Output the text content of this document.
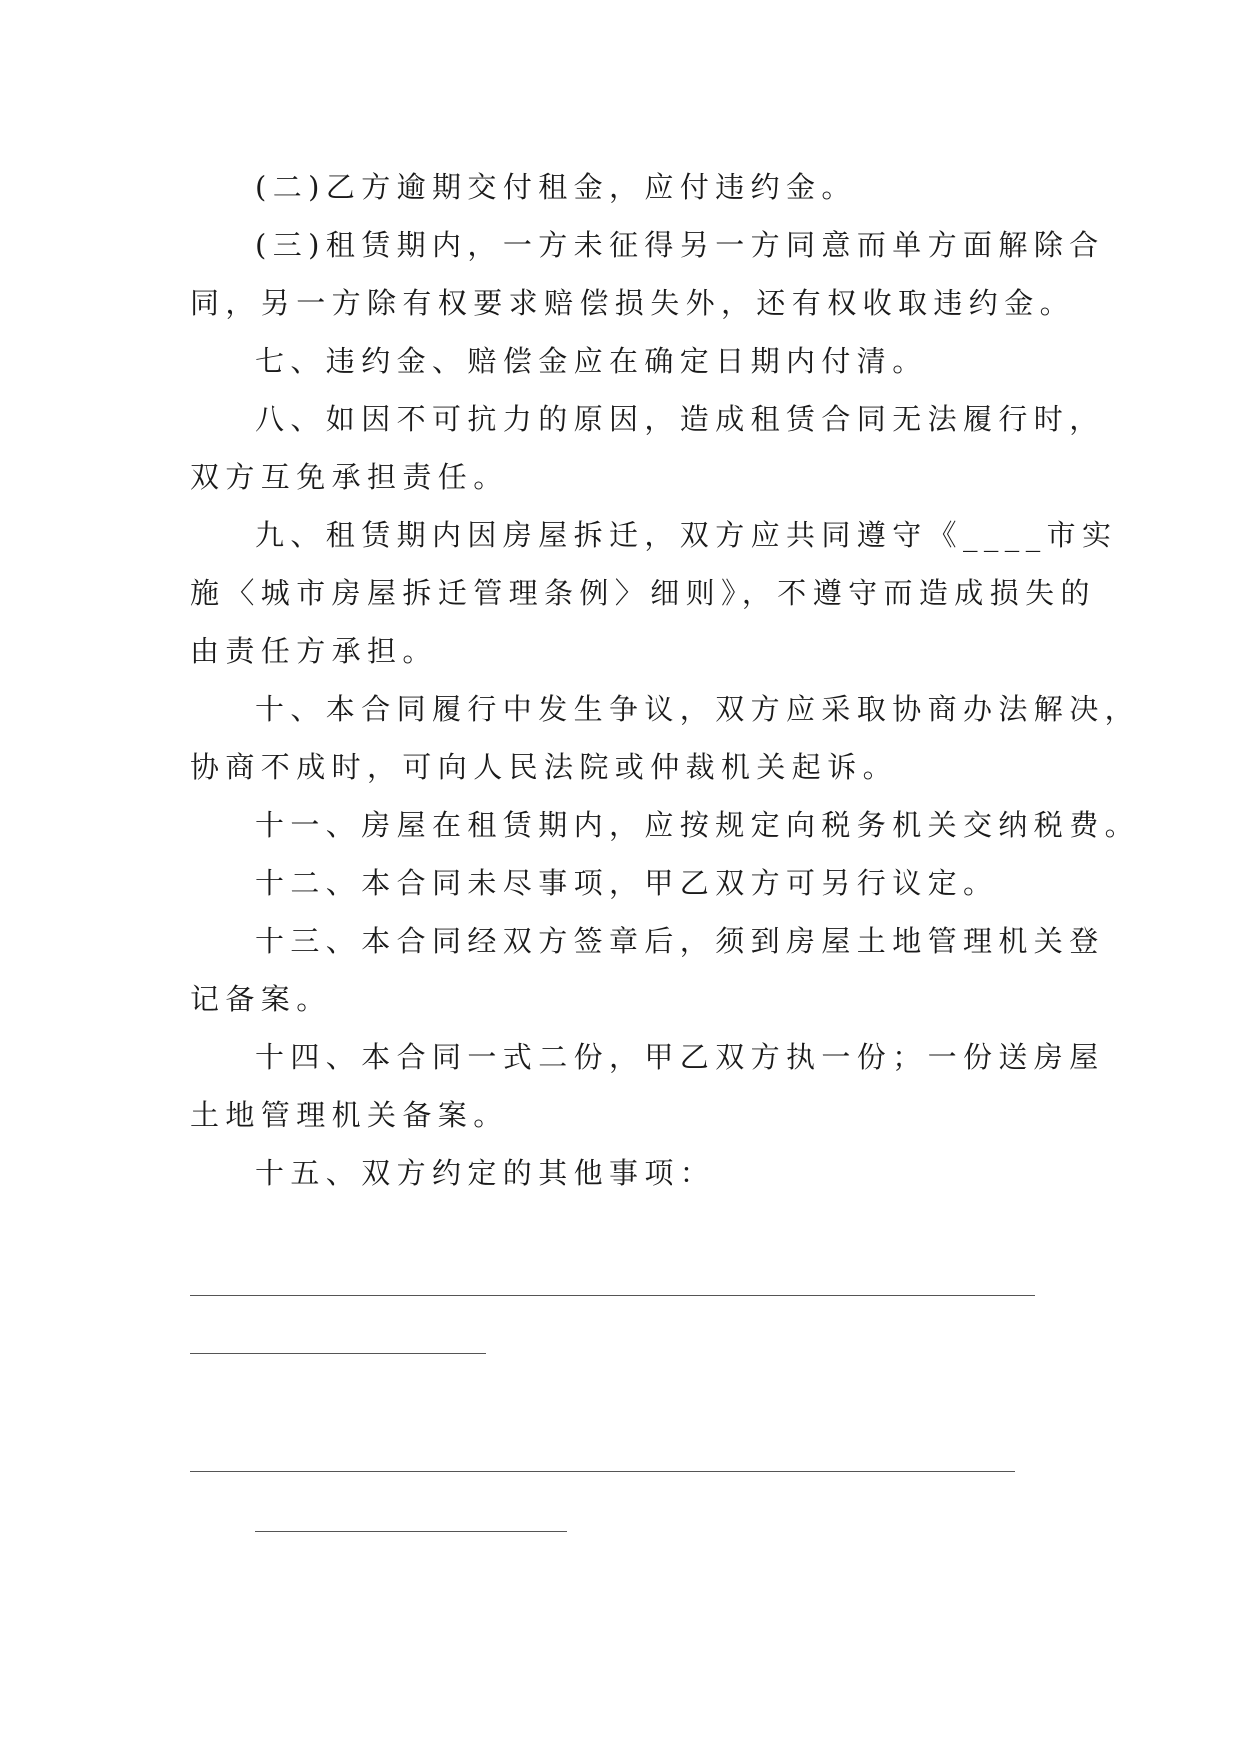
(二)乙方逾期交付租金，应付违约金。
(三)租赁期内，一方未征得另一方同意而单方面解除合
同，另一方除有权要求赔偿损失外，还有权收取违约金。
七、违约金、赔偿金应在确定日期内付清。
八、如因不可抗力的原因，造成租赁合同无法履行时，
双方互免承担责任。
九、租赁期内因房屋拆迁，双方应共同遵守《____市实
施〈城市房屋拆迁管理条例〉细则》，不遵守而造成损失的
由责任方承担。
十、本合同履行中发生争议，双方应采取协商办法解决，
协商不成时，可向人民法院或仲裁机关起诉。
十一、房屋在租赁期内，应按规定向税务机关交纳税费。
十二、本合同未尽事项，甲乙双方可另行议定。
十三、本合同经双方签章后，须到房屋土地管理机关登
记备案。
十四、本合同一式二份，甲乙双方执一份；一份送房屋
土地管理机关备案。
十五、双方约定的其他事项：
